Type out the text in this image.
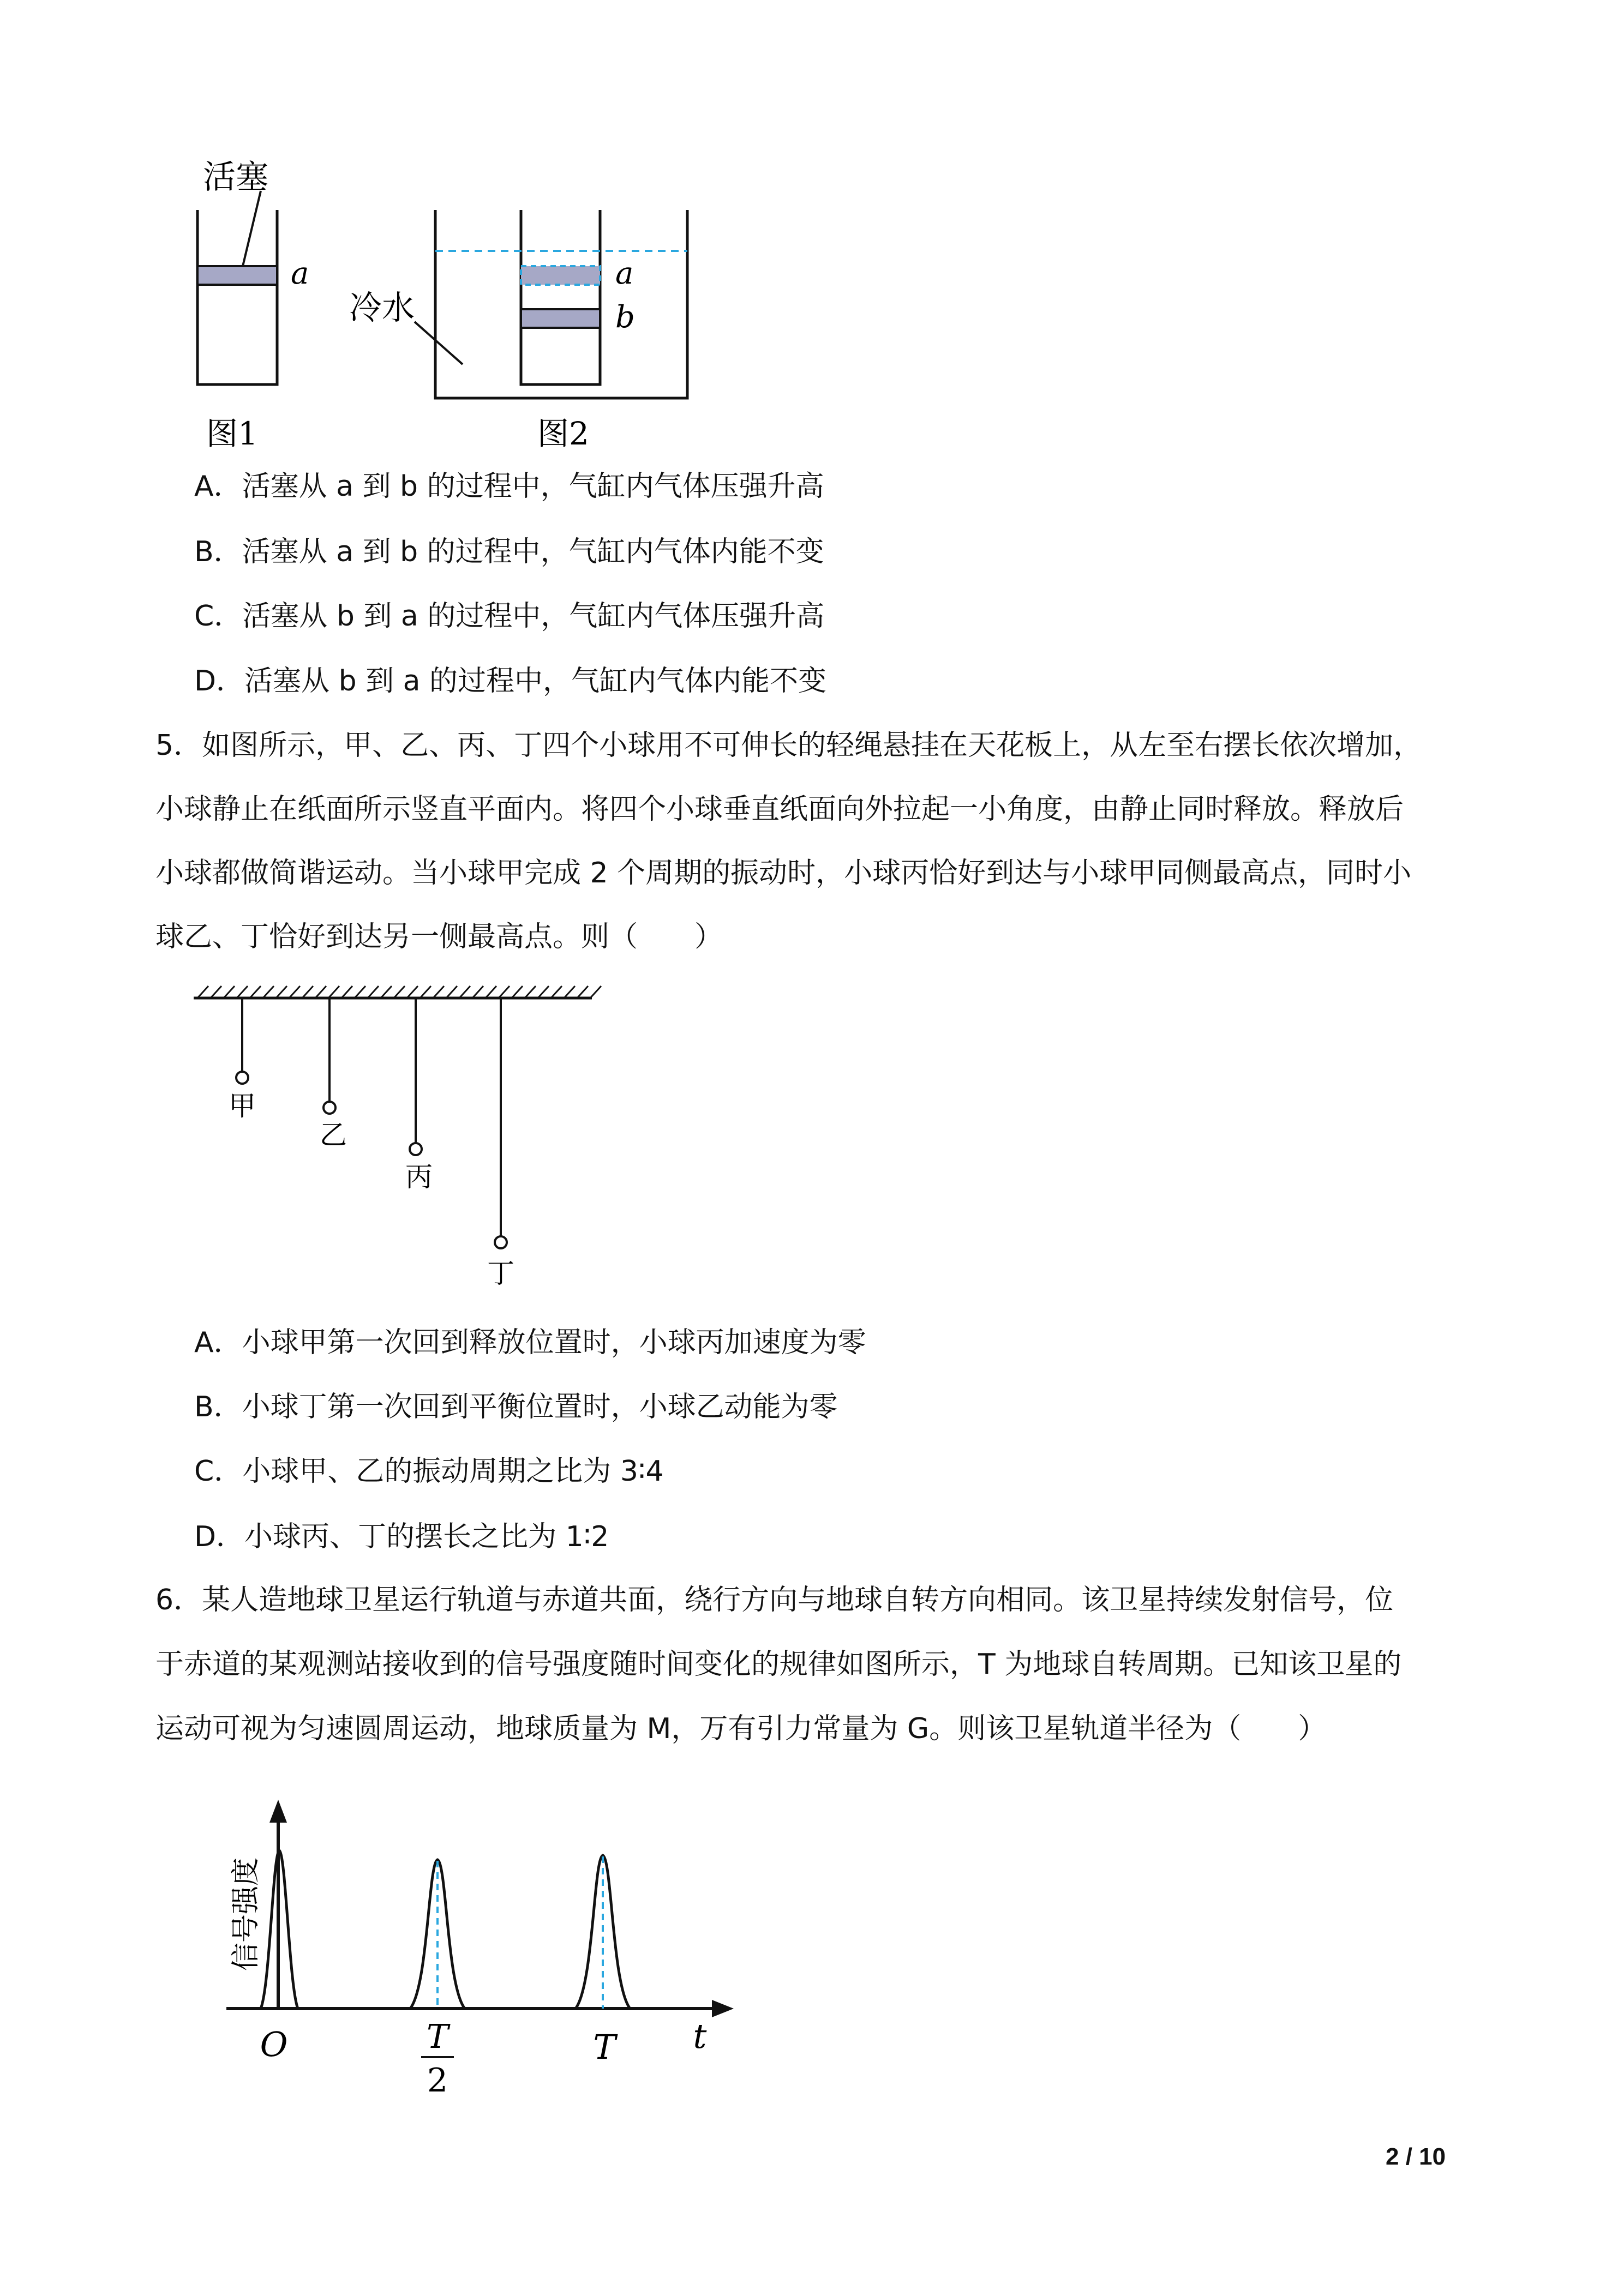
活塞
a
图1
a
b
冷水
图2
A．活塞从 a 到 b 的过程中，气缸内气体压强升高
B．活塞从 a 到 b 的过程中，气缸内气体内能不变
C．活塞从 b 到 a 的过程中，气缸内气体压强升高
D．活塞从 b 到 a 的过程中，气缸内气体内能不变
5．如图所示，甲、乙、丙、丁四个小球用不可伸长的轻绳悬挂在天花板上，从左至右摆长依次增加，
小球静止在纸面所示竖直平面内。将四个小球垂直纸面向外拉起一小角度，由静止同时释放。释放后
小球都做简谐运动。当小球甲完成 2 个周期的振动时，小球丙恰好到达与小球甲同侧最高点，同时小
球乙、丁恰好到达另一侧最高点。则（　　）
甲
乙
丙
丁
A．小球甲第一次回到释放位置时，小球丙加速度为零
B．小球丁第一次回到平衡位置时，小球乙动能为零
C．小球甲、乙的振动周期之比为 3∶4
D．小球丙、丁的摆长之比为 1∶2
6．某人造地球卫星运行轨道与赤道共面，绕行方向与地球自转方向相同。该卫星持续发射信号，位
于赤道的某观测站接收到的信号强度随时间变化的规律如图所示，T 为地球自转周期。已知该卫星的
运动可视为匀速圆周运动，地球质量为 M，万有引力常量为 G。则该卫星轨道半径为（　　）
信号强度
O	T
2
T t
2 / 10
